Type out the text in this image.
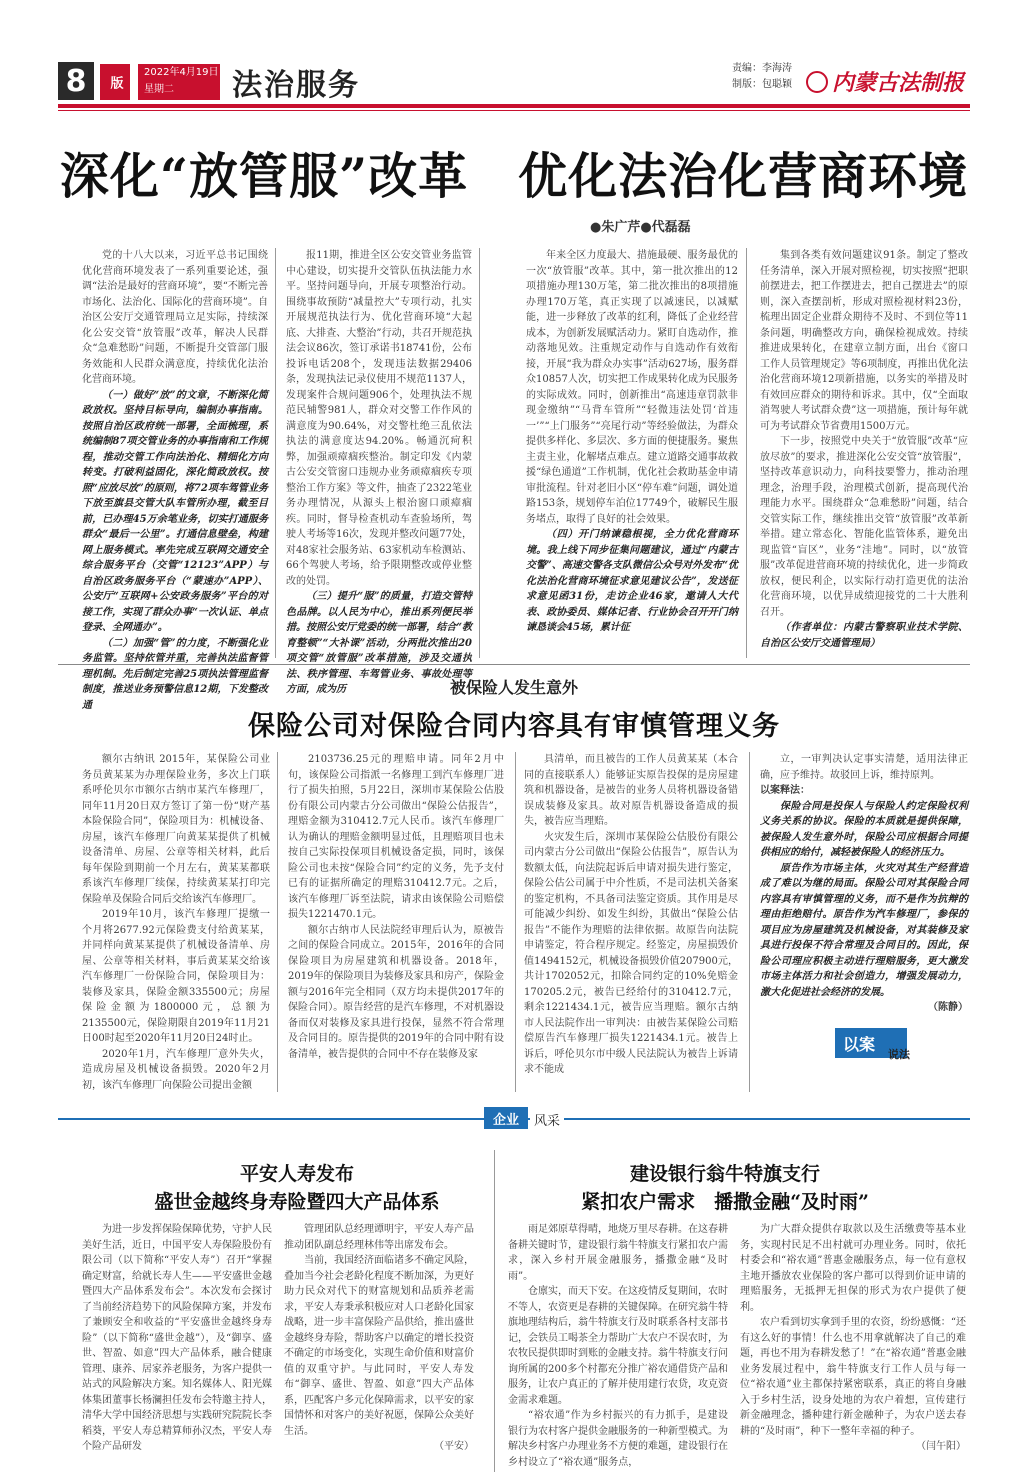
8	版
2022年4月19日
星期二	法治服务	责编：李海涛
制版：包聪颖 内蒙古法制报
深化“放管服”改革　优化法治化营商环境
●朱广芹●代磊磊

党的十八大以来，习近平总书记围绕优化营商环境发表了一系列重要论述，强调“法治是最好的营商环境”，要“不断完善市场化、法治化、国际化的营商环境”。自治区公安厅交通管理局立足实际，持续深化公安交管“放管服”改革，解决人民群众“急难愁盼”问题，不断提升交管部门服务效能和人民群众满意度，持续优化法治化营商环境。

（一）做好“放”的文章，不断深化简政放权。坚持目标导向，编制办事指南。按照自治区政府统一部署，全面梳理，系统编制87项交管业务的办事指南和工作规程，推动交管工作向法治化、精细化方向转变。打破利益固化，深化简政放权。按照“应放尽放”的原则，将72项车驾管业务下放至旗县交管大队车管所办理，截至目前，已办理45万余笔业务，切实打通服务群众“最后一公里”。打通信息壁垒，构建网上服务模式。率先完成互联网交通安全综合服务平台（交管“12123”APP）与自治区政务服务平台（“蒙速办”APP）、公安厅“互联网+公安政务服务”平台的对接工作，实现了群众办事“一次认证、单点登录、全网通办”。

（二）加强“管”的力度，不断强化业务监管。坚持依管并重，完善执法监督管理机制。先后制定完善25项执法管理监督制度，推送业务预警信息12期，下发整改通

报11期，推进全区公安交管业务监管中心建设，切实提升交管队伍执法能力水平。坚持问题导向，开展专项整治行动。围绕事故预防“减量控大”专项行动，扎实开展规范执法行为、优化营商环境“大起底、大排查、大整治”行动，共召开规范执法会议86次，签订承诺书18741份，公布投诉电话208个，发现违法数据29406条，发现执法记录仪使用不规范1137人，发现案件合规问题906个，处理执法不规范民辅警981人，群众对交警工作作风的满意度为90.64%，对交警杜绝三乱依法执法的满意度达94.20%。畅通沉疴积弊，加强顽瘴痼疾整治。制定印发《内蒙古公安交管窗口违规办业务顽瘴痼疾专项整治工作方案》等文件，抽查了2322笔业务办理情况，从源头上根治窗口顽瘴痼疾。同时，督导检查机动车查验场所，驾驶人考场等16次，发现并整改问题77处，对48家社会服务站、63家机动车检测站、66个驾驶人考场，给予限期整改或停业整改的处罚。

（三）提升“服”的质量，打造交管特色品牌。以人民为中心，推出系列便民举措。按照公安厅党委的统一部署，结合“教育整顿”“大补课”活动，分两批次推出20项交管“放管服”改革措施，涉及交通执法、秩序管理、车驾管业务、事故处理等方面，成为历

年来全区力度最大、措施最硬、服务最优的一次“放管服”改革。其中，第一批次推出的12项措施办理130万笔，第二批次推出的8项措施办理170万笔，真正实现了以减速民，以减赋能，进一步释放了改革的红利，降低了企业经营成本，为创新发展赋活动力。紧盯自选动作，推动落地见效。注重规定动作与自选动作有效衔接，开展“我为群众办实事”活动627场，服务群众10857人次，切实把工作成果转化成为民服务的实际成效。同时，创新推出“高速违章罚款非现金缴纳”“马背车管所”“轻微违法处罚‘首违一’”“上门服务”“亮尾行动”等经验做法，为群众提供多样化、多层次、多方面的便捷服务。聚焦主责主业，化解堵点难点。建立道路交通事故救援“绿色通道”工作机制，优化社会救助基金申请审批流程。针对老旧小区“停车难”问题，调处道路153条，规划停车泊位17749个，破解民生服务堵点，取得了良好的社会效果。

（四）开门纳谏稳根视，全力优化营商环境。我上线下同步征集问题建议，通过“内蒙古交警”、高速交警各支队微信公众号对外发布“优化法治化营商环境征求意见建议公告”，发送征求意见函31份，走访企业46家，邀请人大代表、政协委员、媒体记者、行业协会召开开门纳谏恳谈会45场，累计征

集到各类有效问题建议91条。制定了整改任务清单，深入开展对照检视，切实按照“把职前摆进去，把工作摆进去，把自己摆进去”的原则，深入查摆剖析，形成对照检视材料23份，梳理出固定企业群众期待不及时、不到位等11条问题，明确整改方向，确保检视成效。持续推进成果转化，在建章立制方面，出台《窗口工作人员管理规定》等6项制度，再推出优化法治化营商环境12项新措施，以务实的举措及时有效回应群众的期待和诉求。其中，仅“全面取消驾驶人考试群众费”这一项措施，预计每年就可为考试群众节省费用1500万元。

下一步，按照党中央关于“放管服”改革“应放尽放”的要求，推进深化公安交管“放管服”，坚持改革意识动力，向科技要警力，推动治理理念，治理手段，治理模式创新，提高现代治理能力水平。围绕群众“急难愁盼”问题，结合交管实际工作，继续推出交管“放管服”改革新举措。建立常态化、智能化监管体系，避免出现监管“盲区”，业务“洼地”。同时，以“放管服”改革促进营商环境的持续优化，进一步简政放权，便民利企，以实际行动打造更优的法治化营商环境，以优异成绩迎接党的二十大胜利召开。

（作者单位：内蒙古警察职业技术学院、自治区公安厅交通管理局）

被保险人发生意外
保险公司对保险合同内容具有审慎管理义务

额尔古纳讯 2015年，某保险公司业务员黄某某为办理保险业务，多次上门联系呼伦贝尔市额尔古纳市某汽车修理厂，同年11月20日双方签订了第一份“财产基本险保险合同”，保险项目为：机械设备、房屋，该汽车修理厂向黄某某提供了机械设备清单、房屋、公章等相关材料，此后每年保险到期前一个月左右，黄某某都联系该汽车修理厂续保，持续黄某某打印完保险单及保险合同后交给该汽车修理厂。

2019年10月，该汽车修理厂提缴一个月将2677.92元保险费支付给黄某某，并同样向黄某某提供了机械设备清单、房屋、公章等相关材料，事后黄某某交给该汽车修理厂一份保险合同，保险项目为：装修及家具，保险金额335500元；房屋保险金额为1800000元，总额为2135500元，保险期限自2019年11月21日00时起至2020年11月20日24时止。

2020年1月，汽车修理厂意外失火，造成房屋及机械设备损毁。2020年2月初，该汽车修理厂向保险公司提出金额

2103736.25元的理赔申请。同年2月中旬，该保险公司指派一名修理工到汽车修理厂进行了损失拍照，5月22日，深圳市某保险公估股份有限公司内蒙古分公司做出“保险公估报告”，理赔金额为310412.7元人民币。该汽车修理厂认为确认的理赔金额明显过低，且理赔项目也未按自己实际投保项目机械设备定损，同时，该保险公司也未按“保险合同”约定的义务，先予支付已有的证据所确定的理赔310412.7元。之后，该汽车修理厂诉至法院，请求由该保险公司赔偿损失1221470.1元。

额尔古纳市人民法院经审理后认为，原被告之间的保险合同成立。2015年，2016年的合同保险项目为房屋建筑和机器设备。2018年，2019年的保险项目为装修及家具和房产，保险金额与2016年完全相同（双方均未提供2017年的保险合同）。原告经营的是汽车修理，不对机器设备而仅对装修及家具进行投保，显然不符合常理及合同目的。原告提供的2019年的合同中附有设备清单，被告提供的合同中不存在装修及家

具清单，而且被告的工作人员黄某某（本合同的直接联系人）能够证实原告投保的是房屋建筑和机器设备，是被告的业务人员将机器设备错误成装修及家具。故对原告机器设备造成的损失，被告应当理赔。

火灾发生后，深圳市某保险公估股份有限公司内蒙古分公司做出“保险公估报告”，原告认为数额太低，向法院起诉后申请对损失进行鉴定，保险公估公司属于中介性质，不是司法机关备案的鉴定机构，不具备司法鉴定资质。其作用是尽可能减少纠纷、如发生纠纷，其做出“保险公估报告”不能作为理赔的法律依据。故原告向法院申请鉴定，符合程序规定。经鉴定，房屋损毁价值1494152元，机械设备损毁价值207900元，共计1702052元，扣除合同约定的10%免赔金170205.2元，被告已经给付的310412.7元，剩余1221434.1元，被告应当理赔。额尔古纳市人民法院作出一审判决：由被告某保险公司赔偿原告汽车修理厂损失1221434.1元。被告上诉后，呼伦贝尔市中级人民法院认为被告上诉请求不能成

立，一审判决认定事实清楚，适用法律正确，应予维持。故驳回上诉，维持原判。

以案释法：

保险合同是投保人与保险人约定保险权利义务关系的协议。保险的本质就是提供保障，被保险人发生意外时，保险公司应根据合同提供相应的给付，减轻被保险人的经济压力。

原告作为市场主体，火灾对其生产经营造成了难以为继的局面。保险公司对其保险合同内容具有审慎管理的义务，而不是作为抗辩的理由拒绝赔付。原告作为汽车修理厂，参保的项目应为房屋建筑及机械设备，对其装修及家具进行投保不符合常理及合同目的。因此，保险公司理应积极主动进行理赔服务，更大激发市场主体活力和社会创造力，增强发展动力，激大化促进社会经济的发展。

（陈静）

以案
说法
企业	风采
平安人寿发布
盛世金越终身寿险暨四大产品体系

为进一步发挥保险保障优势，守护人民美好生活，近日，中国平安人寿保险股份有限公司（以下简称“平安人寿”）召开“掌握确定财富，给就长寿人生——平安盛世金越暨四大产品体系发布会”。本次发布会探讨了当前经济趋势下的风险保障方案，并发布了兼顾安全和收益的“平安盛世金越终身寿险”（以下简称“盛世金越”），及“御享、盛世、智盈、如意”四大产品体系，融合健康管理、康养、居家养老服务，为客户提供一站式的风险解决方案。知名媒体人、阳光媒体集团董事长杨澜担任发布会特邀主持人，清华大学中国经济思想与实践研究院院长李稻葵，平安人寿总精算师孙汉杰，平安人寿个险产品研发

管理团队总经理谭明宇，平安人寿产品推动团队副总经理林伟等出席发布会。

当前，我国经济面临诸多不确定风险，叠加当今社会老龄化程度不断加深，为更好助力民众对代下的财富规划和品质养老需求，平安人寿秉承积极应对人口老龄化国家战略，进一步丰富保险产品供给，推出盛世金越终身寿险，帮助客户以确定的增长投资不确定的市场变化，实现生命价值和财富价值的双重守护。与此同时，平安人寿发布“御享、盛世、智盈、如意”四大产品体系，匹配客户多元化保障需求，以平安的家国情怀和对客户的美好祝愿，保障公众美好生活。

（平安）

建设银行翁牛特旗支行
紧扣农户需求　播撒金融“及时雨”

雨足郊原草得晴，地烧万里尽春耕。在这春耕备耕关键时节，建设银行翁牛特旗支行紧扣农户需求，深入乡村开展金融服务，播撒金融“及时雨”。

仓廪实，而天下安。在这疫情反复期间，农时不等人，农资更是春耕的关键保障。在研究翁牛特旗地理结构后，翁牛特旗支行及时联系各村支部书记，会铁员工喝茶全力帮助广大农户不误农时，为农牧民提供即时到账的金融支持。翁牛特旗支行问询所属的200多个村都充分推广裕农通借贷产品和服务，让农户真正的了解并使用建行农贷，攻克资金需求难题。

“裕农通”作为乡村振兴的有力抓手，是建设银行为农村客户提供金融服务的一种新型模式。为解决乡村客户办理业务不方便的难题，建设银行在乡村设立了“裕农通”服务点，

为广大群众提供存取款以及生活缴费等基本业务，实现村民足不出村就可办理业务。同时，依托村委会和“裕农通”普惠金融服务点，每一位有意权主地开播放农业保险的客户都可以得到价证申请的理赔服务，无抵押无担保的形式为农户提供了便利。

农户看到切实拿到手里的农资，纷纷感慨：“还有这么好的事情！什么也不用拿就解决了自己的难题，再也不用为春耕发愁了！”在“裕农通”普惠金融业务发展过程中，翁牛特旗支行工作人员与每一位“裕农通”业主都保持紧密联系，真正的将自身融入于乡村生活，设身处地的为农户着想，宣传建行新金融理念，播种建行新金融种子，为农户送去春耕的“及时雨”，种下一整年幸福的种子。

（闫午阳）
